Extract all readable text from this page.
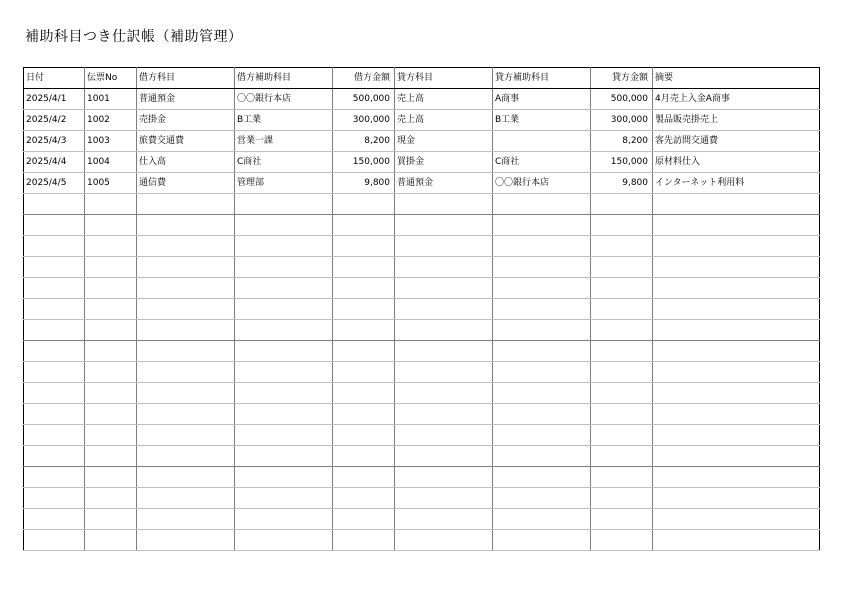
補助科目つき仕訳帳（補助管理）
日付	伝票No	借方科目	借方補助科目	借方金額	貸方科目	貸方補助科目	貸方金額	摘要
2025/4/1	1001	普通預金	〇〇銀行本店	500,000	売上高	A商事	500,000	4月売上入金A商事
2025/4/2	1002	売掛金	B工業	300,000	売上高	B工業	300,000	製品販売掛売上
2025/4/3	1003	旅費交通費	営業一課	8,200	現金		8,200	客先訪問交通費
2025/4/4	1004	仕入高	C商社	150,000	買掛金	C商社	150,000	原材料仕入
2025/4/5	1005	通信費	管理部	9,800	普通預金	〇〇銀行本店	9,800	インターネット利用料
